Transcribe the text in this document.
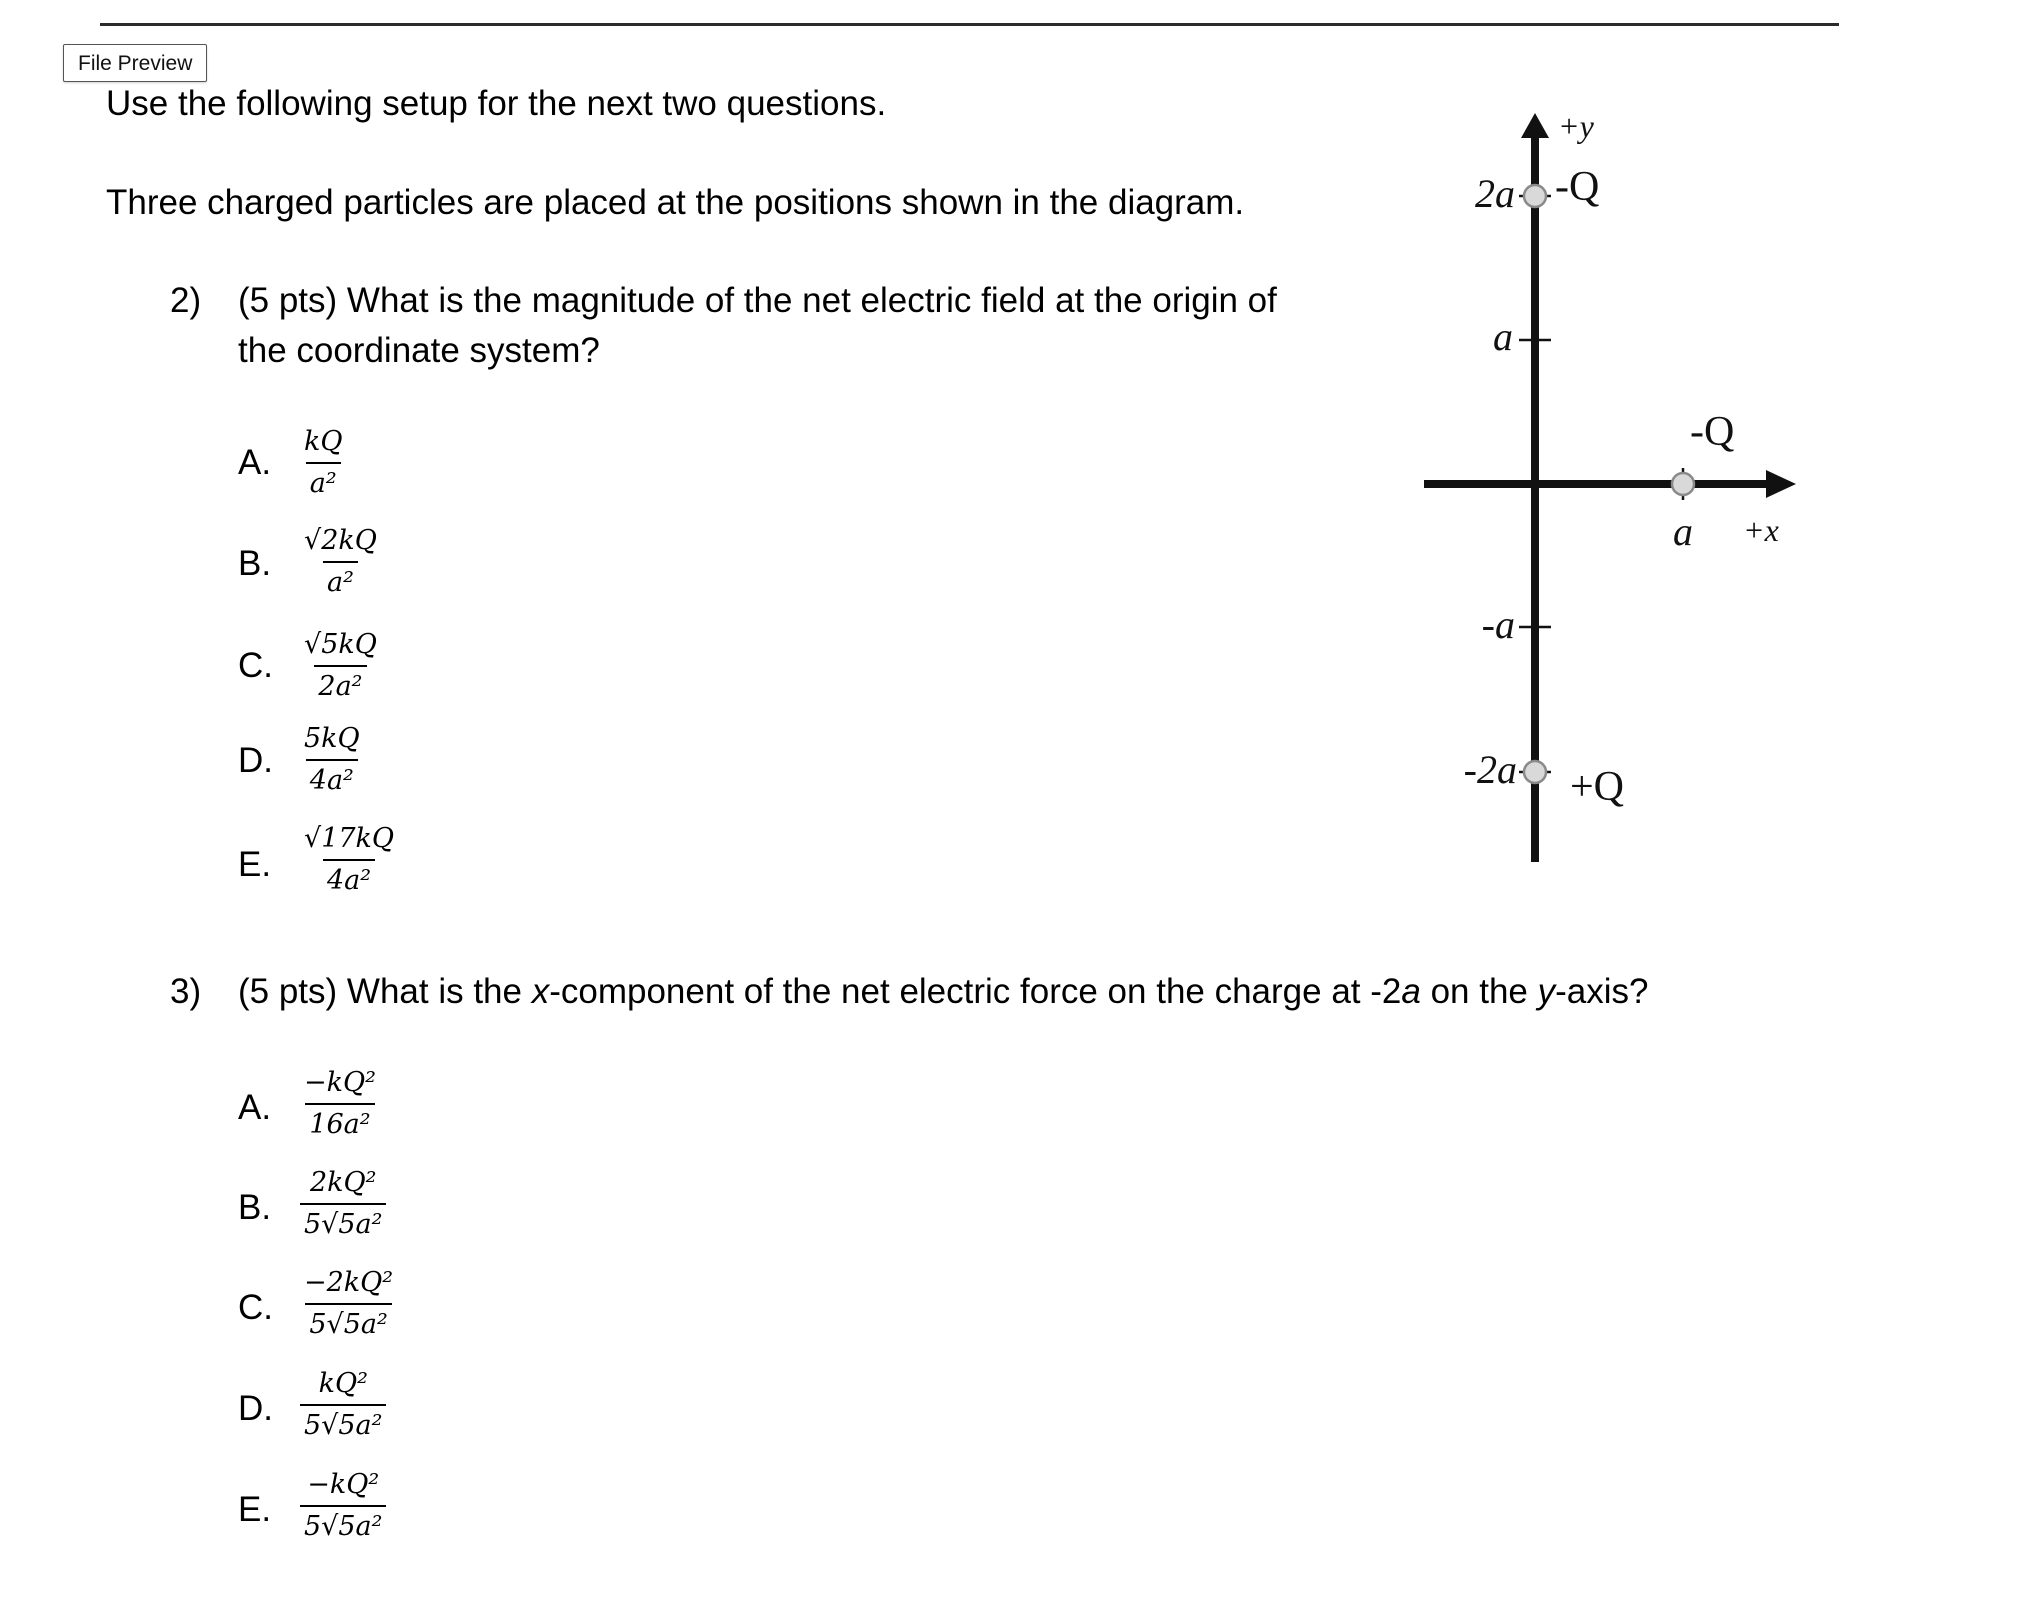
File Preview
Use the following setup for the next two questions.
Three charged particles are placed at the positions shown in the diagram.
2) (5 pts) What is the magnitude of the net electric field at the origin of
the coordinate system?
A. $\frac{kQ}{\text{a²}}$
B. $\frac{√2kQ}{\text{a²}}$
C. $\frac{√5kQ}{\text{2a²}}$
D. $\frac{5kQ}{\text{4a²}}$
E. $\frac{√17kQ}{\text{4a²}}$
3) (5 pts) What is the x-component of the net electric force on the charge at -2a on the y-axis?
A. $\frac{\text{−kQ²}}{\text{16a²}}$
B. $\frac{\text{2kQ²}}{\text{5√5a²}}$
C. $\frac{\text{−2kQ²}}{\text{5√5a²}}$
D. $\frac{\text{kQ²}}{\text{5√5a²}}$
E. $\frac{\text{−kQ²}}{\text{5√5a²}}$
+y
+x
2a
a
-a
-2a
a
-Q
-Q
+Q
